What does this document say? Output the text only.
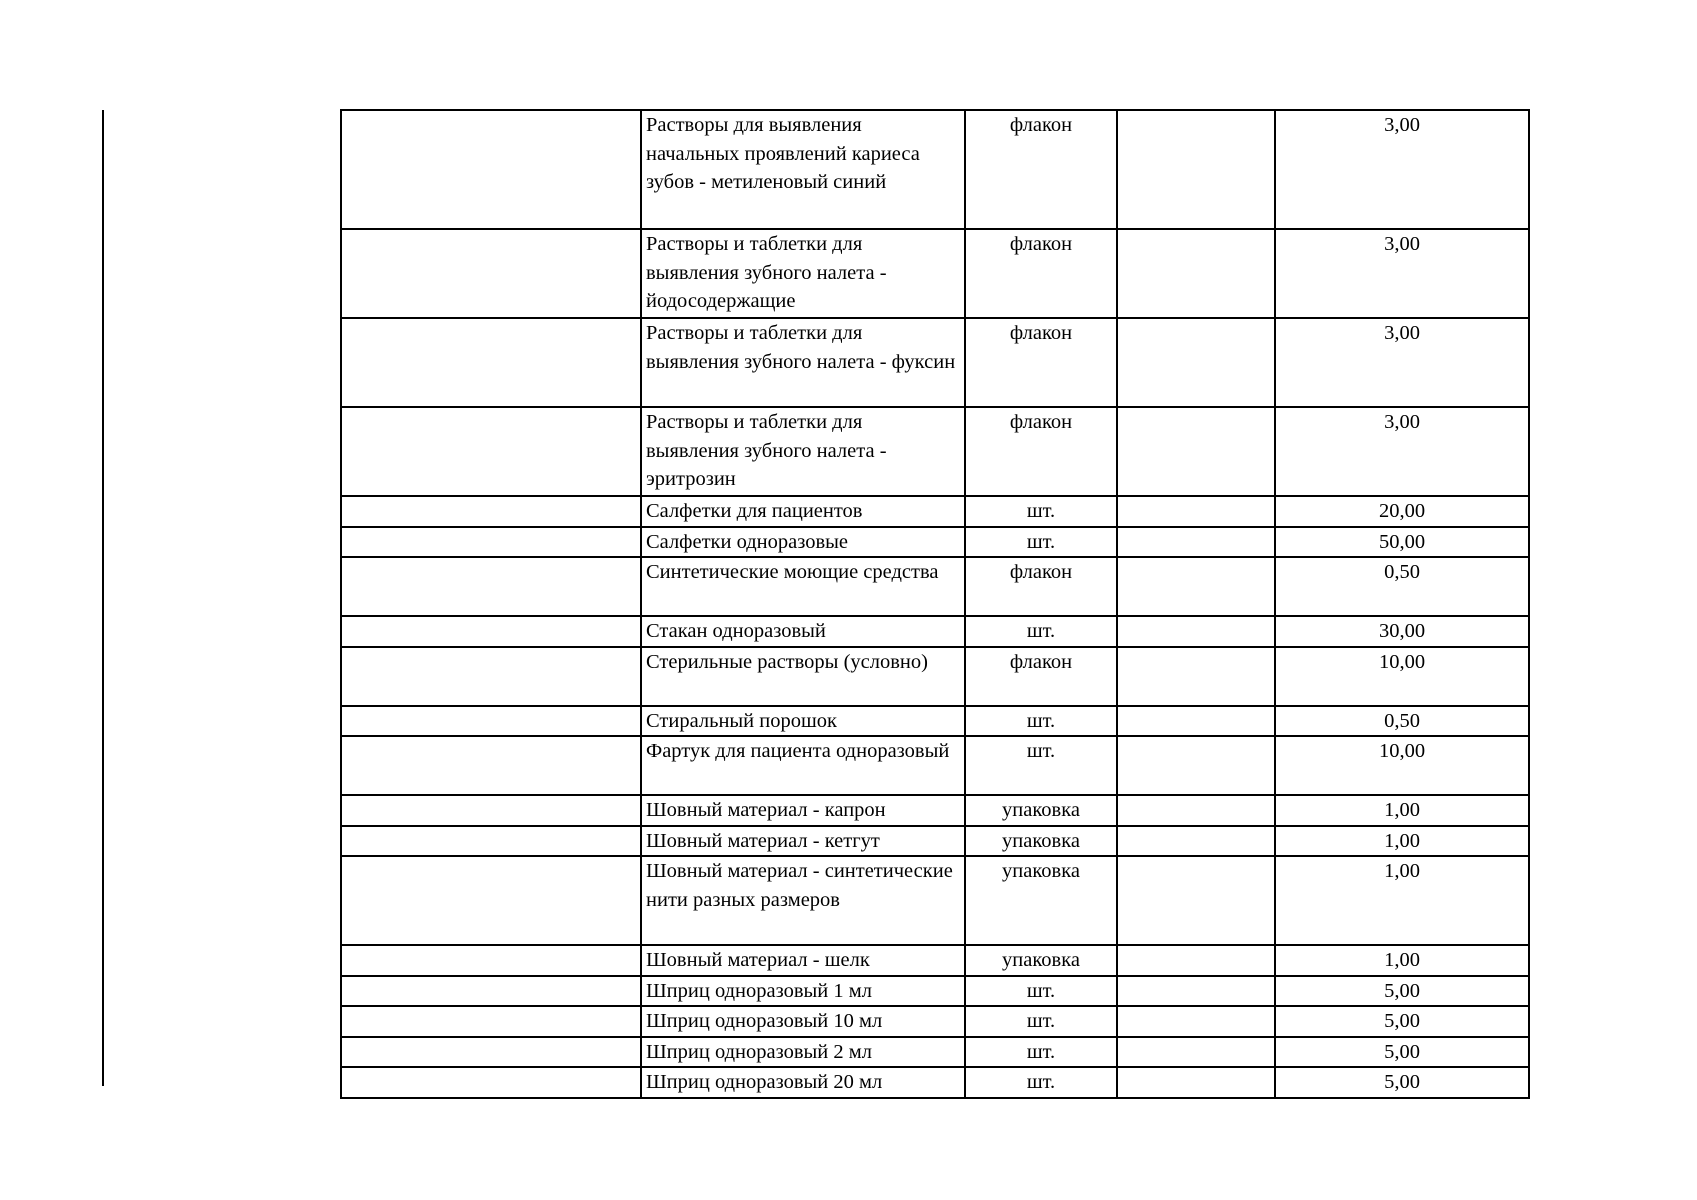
	Растворы для выявления начальных проявлений кариеса зубов - метиленовый синий	флакон		3,00
	Растворы и таблетки для выявления зубного налета - йодосодержащие	флакон		3,00
	Растворы и таблетки для выявления зубного налета - фуксин	флакон		3,00
	Растворы и таблетки для выявления зубного налета - эритрозин	флакон		3,00
	Салфетки для пациентов	шт.		20,00
	Салфетки одноразовые	шт.		50,00
	Синтетические моющие средства	флакон		0,50
	Стакан одноразовый	шт.		30,00
	Стерильные растворы (условно)	флакон		10,00
	Стиральный порошок	шт.		0,50
	Фартук для пациента одноразовый	шт.		10,00
	Шовный материал - капрон	упаковка		1,00
	Шовный материал - кетгут	упаковка		1,00
	Шовный материал - синтетические нити разных размеров	упаковка		1,00
	Шовный материал - шелк	упаковка		1,00
	Шприц одноразовый 1 мл	шт.		5,00
	Шприц одноразовый 10 мл	шт.		5,00
	Шприц одноразовый 2 мл	шт.		5,00
	Шприц одноразовый 20 мл	шт.		5,00
